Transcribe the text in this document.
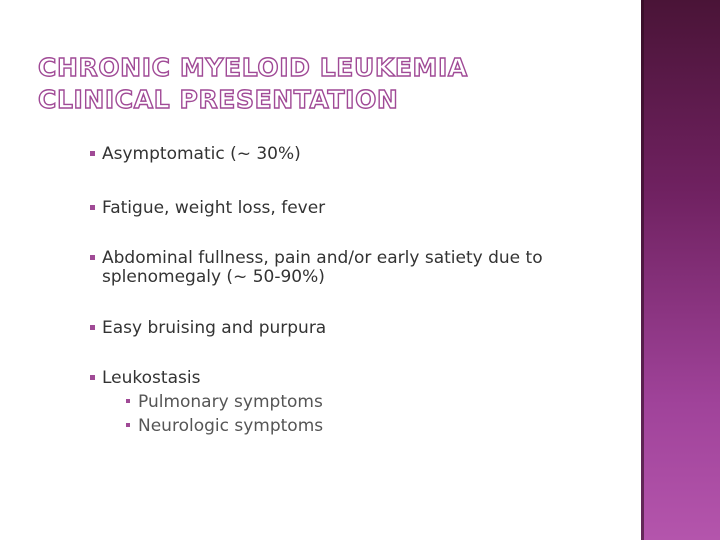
CHRONIC MYELOID LEUKEMIA
CLINICAL PRESENTATION
Asymptomatic (~ 30%)
Fatigue, weight loss, fever
Abdominal fullness, pain and/or early satiety due to splenomegaly (~ 50-90%)
Easy bruising and purpura
Leukostasis
Pulmonary symptoms
Neurologic symptoms
